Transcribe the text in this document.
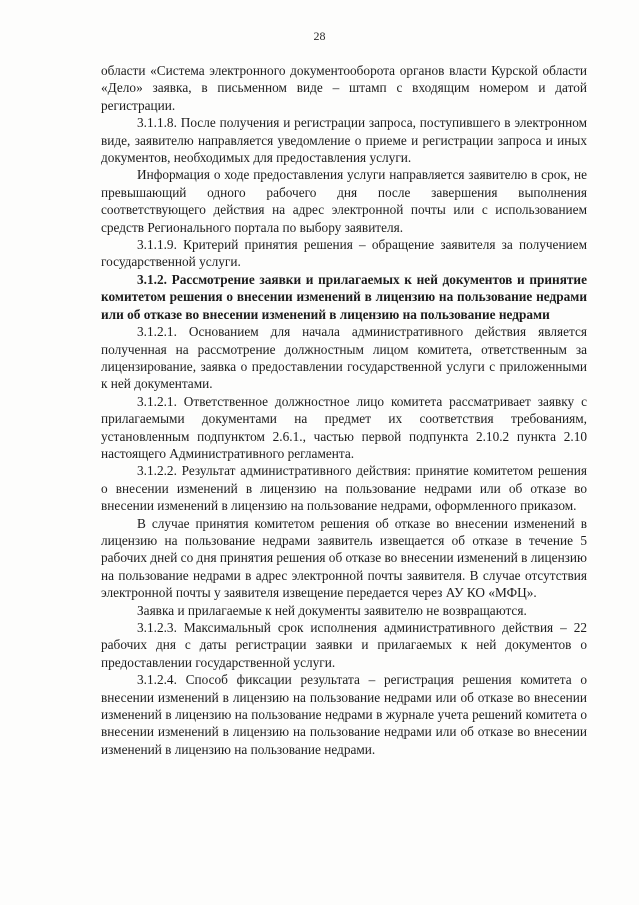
28

области «Система электронного документооборота органов власти Курской области «Дело» заявка, в письменном виде – штамп с входящим номером и датой регистрации.

3.1.1.8. После получения и регистрации запроса, поступившего в электронном виде, заявителю направляется уведомление о приеме и регистрации запроса и иных документов, необходимых для предоставления услуги.

Информация о ходе предоставления услуги направляется заявителю в срок, не превышающий одного рабочего дня после завершения выполнения соответствующего действия на адрес электронной почты или с использованием средств Регионального портала по выбору заявителя.

3.1.1.9. Критерий принятия решения – обращение заявителя за получением государственной услуги.

3.1.2. Рассмотрение заявки и прилагаемых к ней документов и принятие комитетом решения о внесении изменений в лицензию на пользование недрами или об отказе во внесении изменений в лицензию на пользование недрами

3.1.2.1. Основанием для начала административного действия является полученная на рассмотрение должностным лицом комитета, ответственным за лицензирование, заявка о предоставлении государственной услуги с приложенными к ней документами.

3.1.2.1. Ответственное должностное лицо комитета рассматривает заявку с прилагаемыми документами на предмет их соответствия требованиям, установленным подпунктом 2.6.1., частью первой подпункта 2.10.2 пункта 2.10 настоящего Административного регламента.

3.1.2.2. Результат административного действия: принятие комитетом решения о внесении изменений в лицензию на пользование недрами или об отказе во внесении изменений в лицензию на пользование недрами, оформленного приказом.

В случае принятия комитетом решения об отказе во внесении изменений в лицензию на пользование недрами заявитель извещается об отказе в течение 5 рабочих дней со дня принятия решения об отказе во внесении изменений в лицензию на пользование недрами в адрес электронной почты заявителя. В случае отсутствия электронной почты у заявителя извещение передается через АУ КО «МФЦ».

Заявка и прилагаемые к ней документы заявителю не возвращаются.

3.1.2.3. Максимальный срок исполнения административного действия – 22 рабочих дня с даты регистрации заявки и прилагаемых к ней документов о предоставлении государственной услуги.

3.1.2.4. Способ фиксации результата – регистрация решения комитета о внесении изменений в лицензию на пользование недрами или об отказе во внесении изменений в лицензию на пользование недрами в журнале учета решений комитета о внесении изменений в лицензию на пользование недрами или об отказе во внесении изменений в лицензию на пользование недрами.
